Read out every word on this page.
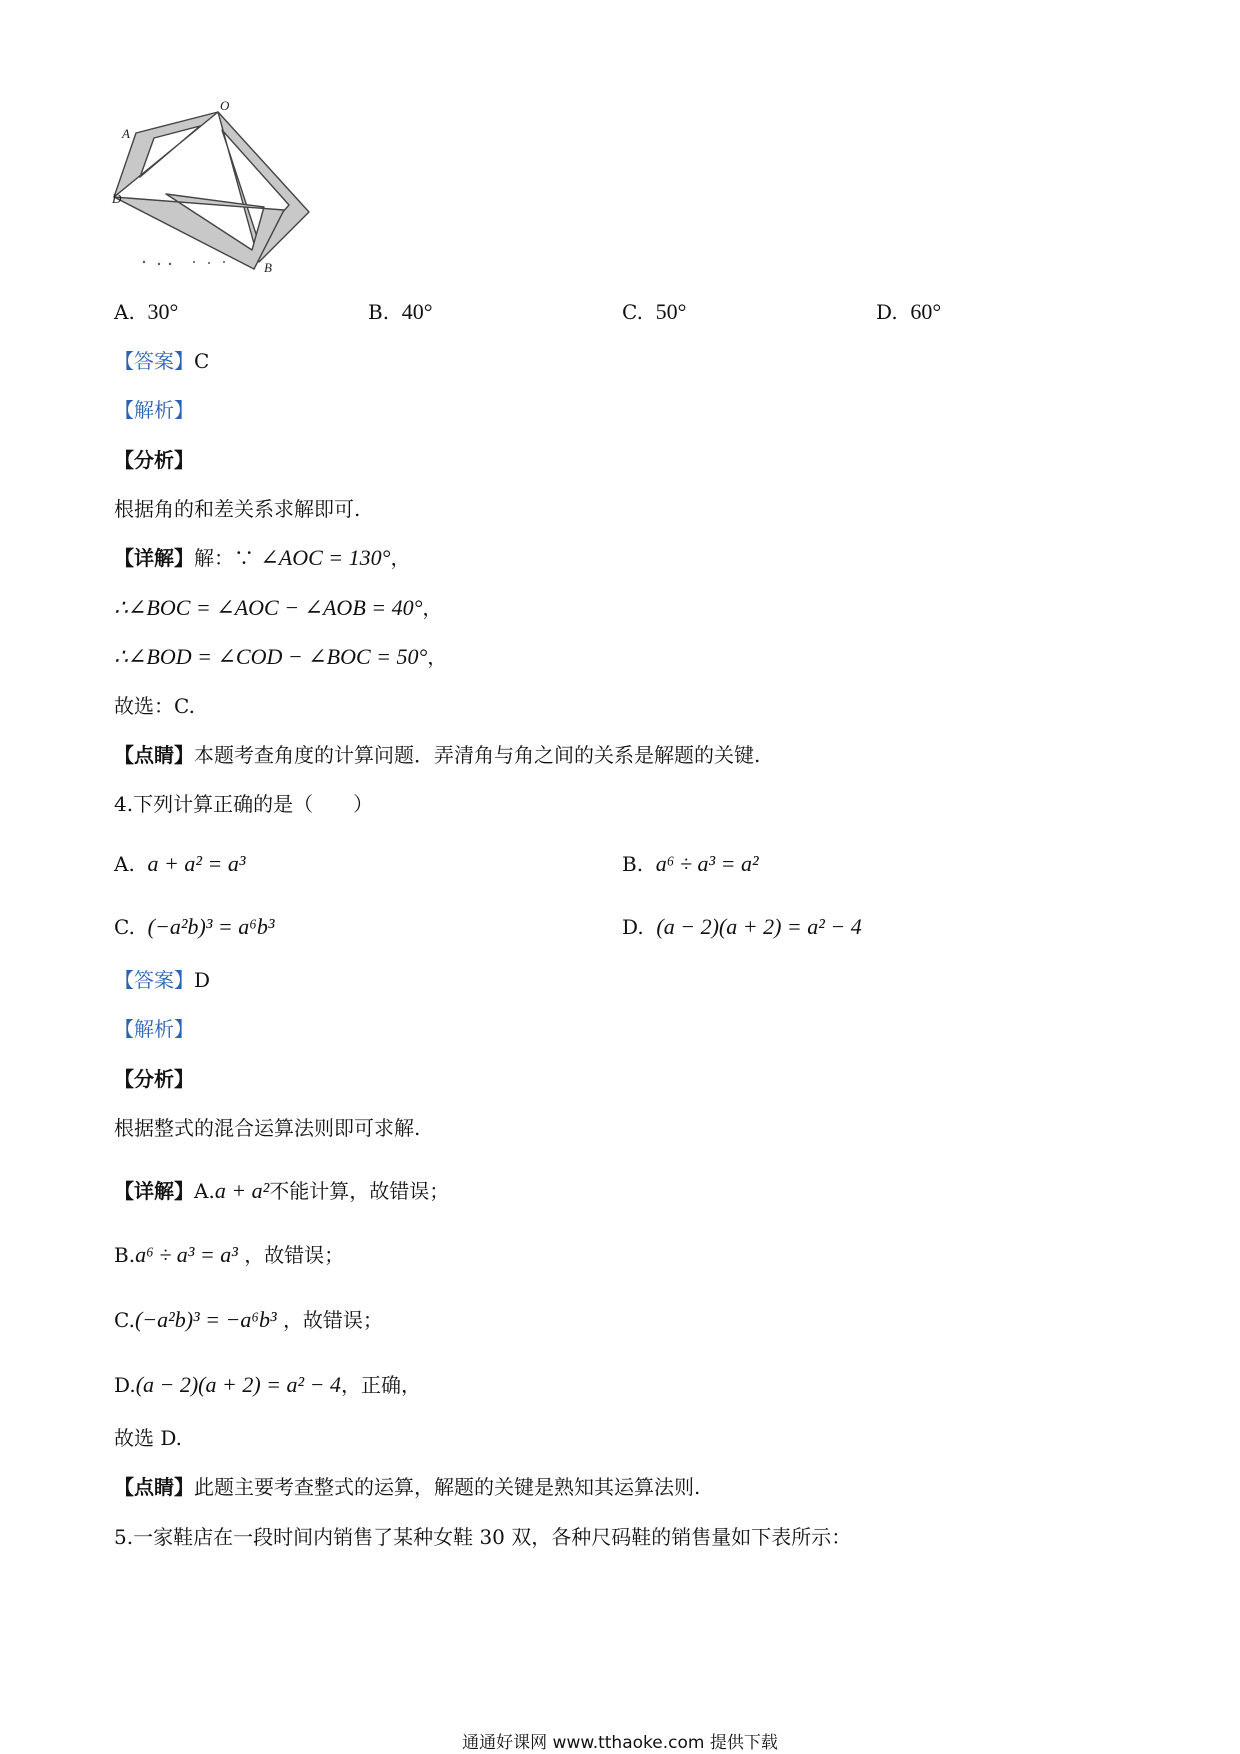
O
A
D
B
A. 30°	B. 40°	C. 50°	D. 60°
【答案】C
【解析】
【分析】
根据角的和差关系求解即可.
【详解】解：∵ ∠AOC = 130°，
∴∠BOC = ∠AOC − ∠AOB = 40°，
∴∠BOD = ∠COD − ∠BOC = 50°，
故选：C.
【点睛】本题考查角度的计算问题．弄清角与角之间的关系是解题的关键.
4.下列计算正确的是（　　）
A. a + a² = a³	B. a⁶ ÷ a³ = a²
C. (−a²b)³ = a⁶b³	D. (a − 2)(a + 2) = a² − 4
【答案】D
【解析】
【分析】
根据整式的混合运算法则即可求解.
【详解】A.a + a²不能计算，故错误；
B.a⁶ ÷ a³ = a³ ，故错误；
C.(−a²b)³ = −a⁶b³ ，故错误；
D.(a − 2)(a + 2) = a² − 4，正确，
故选 D.
【点睛】此题主要考查整式的运算，解题的关键是熟知其运算法则.
5.一家鞋店在一段时间内销售了某种女鞋 30 双，各种尺码鞋的销售量如下表所示：
通通好课网 www.tthaoke.com 提供下载
